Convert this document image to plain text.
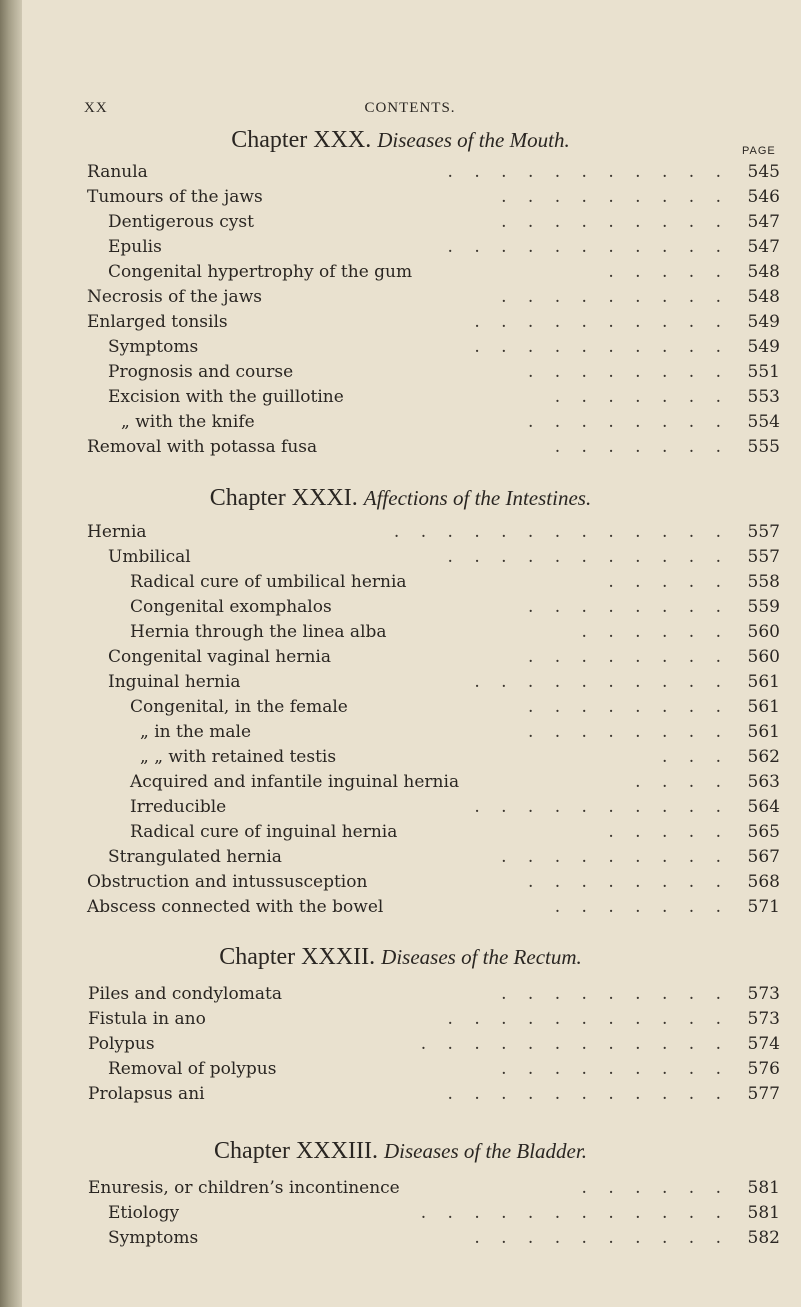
XX	CONTENTS.
PAGE
Chapter XXX. Diseases of the Mouth.
Ranula	. . . . . . . . . . .	545
Tumours of the jaws	. . . . . . . . .	546
Dentigerous cyst	. . . . . . . . .	547
Epulis	. . . . . . . . . . .	547
Congenital hypertrophy of the gum	. . . . .	548
Necrosis of the jaws	. . . . . . . . .	548
Enlarged tonsils	. . . . . . . . . .	549
Symptoms	. . . . . . . . . .	549
Prognosis and course	. . . . . . . .	551
Excision with the guillotine	. . . . . . .	553
„ with the knife	. . . . . . . .	554
Removal with potassa fusa	. . . . . . .	555
Chapter XXXI. Affections of the Intestines.
Hernia	. . . . . . . . . . . . .	557
Umbilical	. . . . . . . . . . .	557
Radical cure of umbilical hernia	. . . . .	558
Congenital exomphalos	. . . . . . . .	559
Hernia through the linea alba	. . . . . .	560
Congenital vaginal hernia	. . . . . . . .	560
Inguinal hernia	. . . . . . . . . .	561
Congenital, in the female	. . . . . . . .	561
„ in the male	. . . . . . . .	561
„ „ with retained testis	. . .	562
Acquired and infantile inguinal hernia	. . . .	563
Irreducible	. . . . . . . . . .	564
Radical cure of inguinal hernia	. . . . .	565
Strangulated hernia	. . . . . . . . .	567
Obstruction and intussusception	. . . . . . . .	568
Abscess connected with the bowel	. . . . . . .	571
Chapter XXXII. Diseases of the Rectum.
Piles and condylomata	. . . . . . . . .	573
Fistula in ano	. . . . . . . . . . .	573
Polypus	. . . . . . . . . . . .	574
Removal of polypus	. . . . . . . . .	576
Prolapsus ani	. . . . . . . . . . .	577
Chapter XXXIII. Diseases of the Bladder.
Enuresis, or children’s incontinence	. . . . . .	581
Etiology	. . . . . . . . . . . .	581
Symptoms	. . . . . . . . . .	582
